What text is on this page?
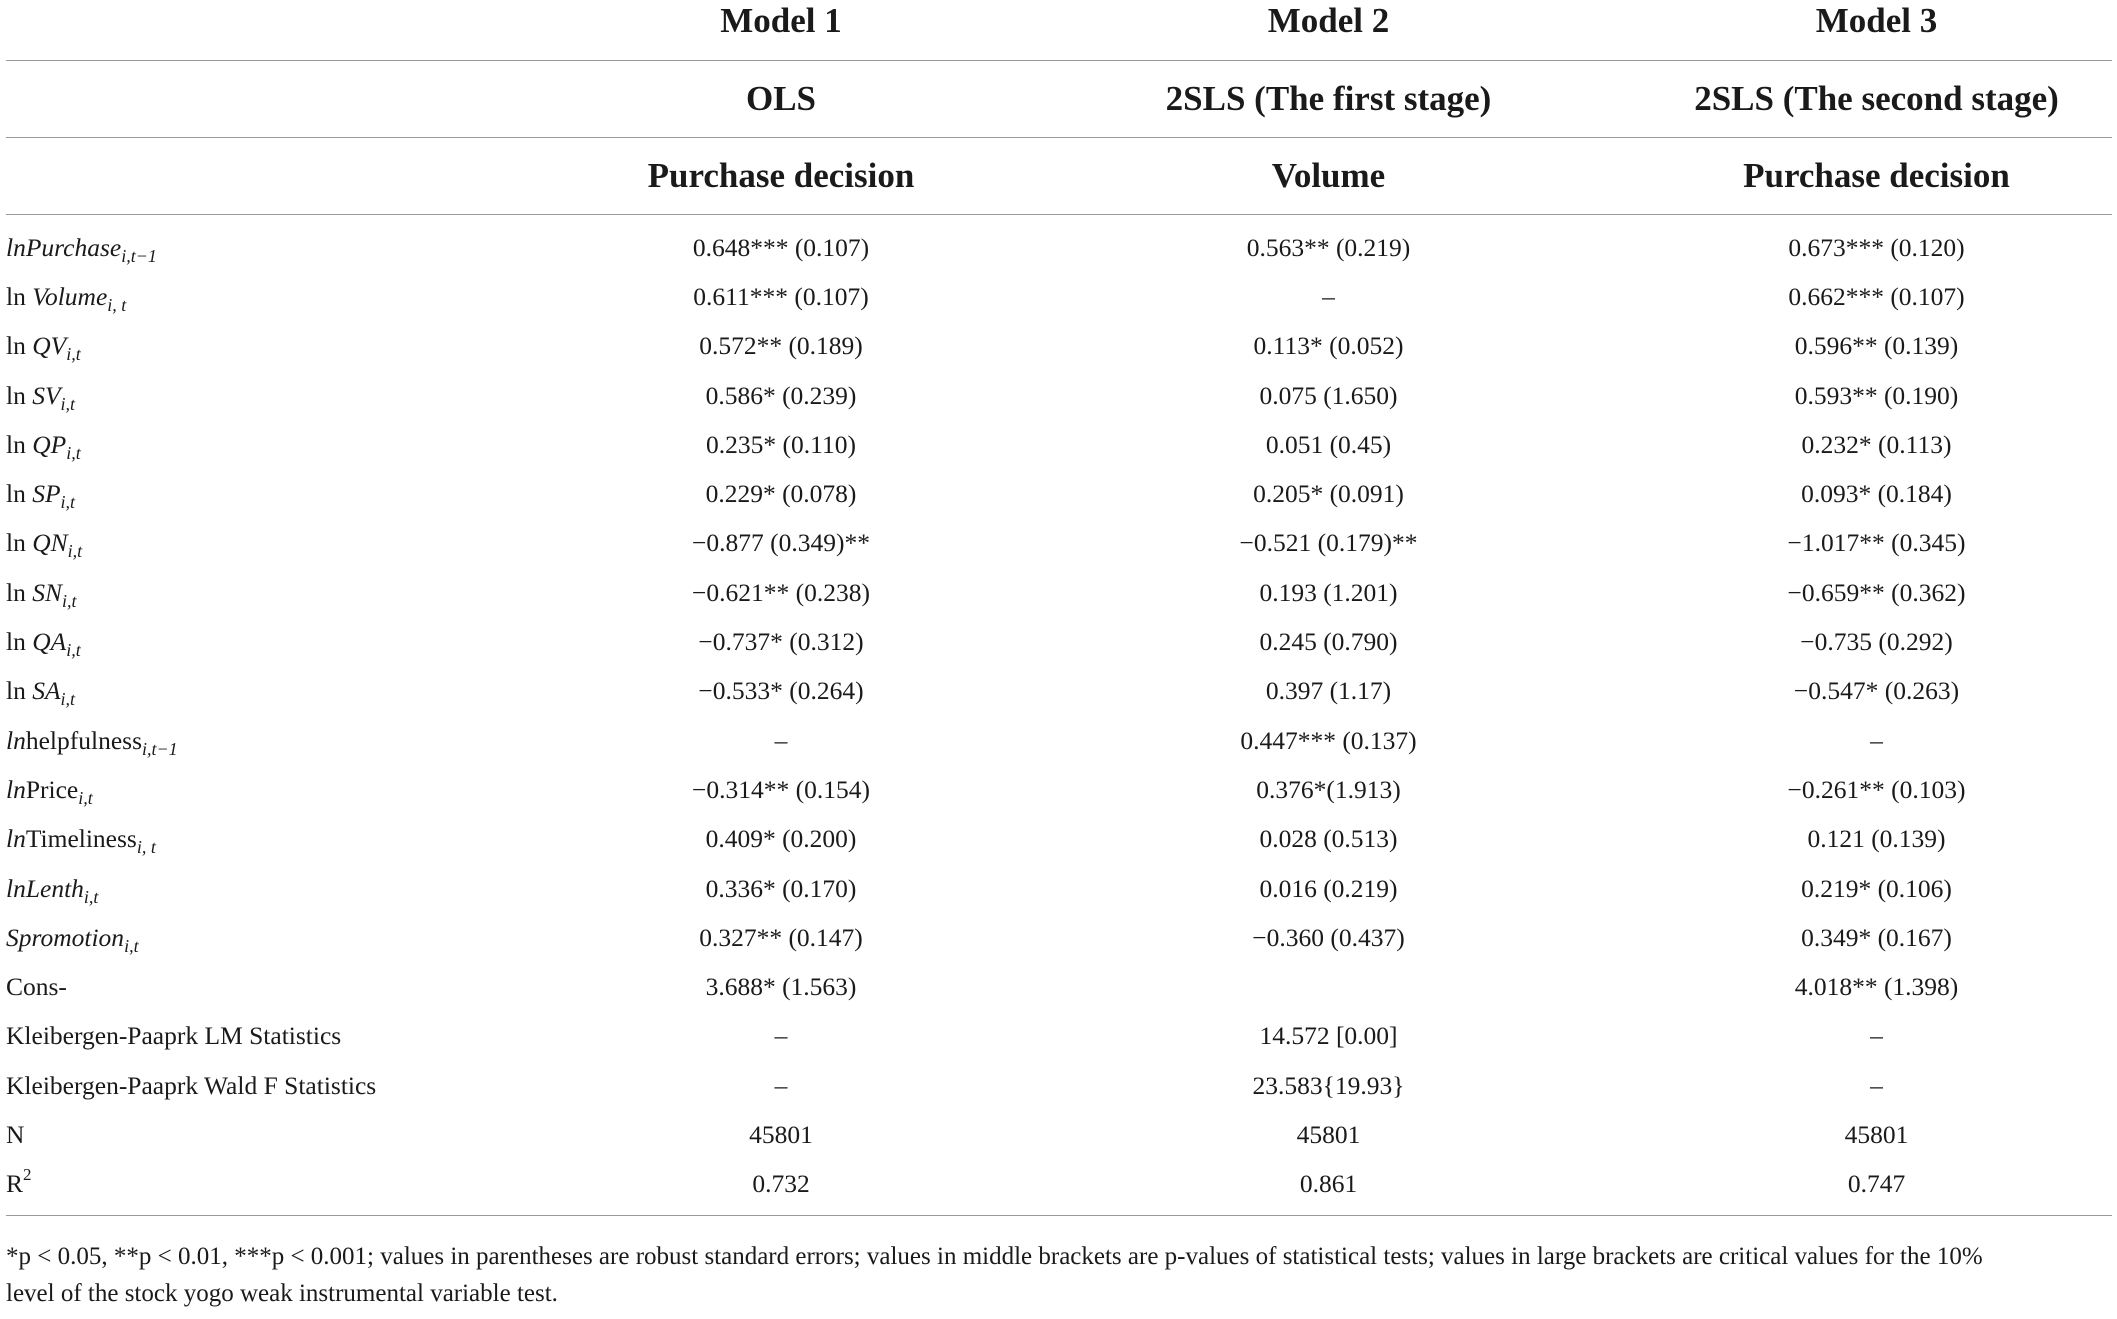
	Model 1	Model 2	Model 3
	OLS	2SLS (The first stage)	2SLS (The second stage)
	Purchase decision	Volume	Purchase decision
lnPurchase$_{i,t-1}$	0.648*** (0.107)	0.563** (0.219)	0.673*** (0.120)
ln Volume$_{i, t}$	0.611*** (0.107)	–	0.662*** (0.107)
$\ln QV_{i,t}$	0.572** (0.189)	0.113* (0.052)	0.596** (0.139)
$\ln SV_{i,t}$	0.586* (0.239)	0.075 (1.650)	0.593** (0.190)
$\ln QP_{i,t}$	0.235* (0.110)	0.051 (0.45)	0.232* (0.113)
$\ln SP_{i,t}$	0.229* (0.078)	0.205* (0.091)	0.093* (0.184)
$\ln QN_{i,t}$	−0.877 (0.349)**	−0.521 (0.179)**	−1.017** (0.345)
$\ln SN_{i,t}$	−0.621** (0.238)	0.193 (1.201)	−0.659** (0.362)
$\ln QA_{i,t}$	−0.737* (0.312)	0.245 (0.790)	−0.735 (0.292)
$\ln SA_{i,t}$	−0.533* (0.264)	0.397 (1.17)	−0.547* (0.263)
lnhelpfulness$_{i,t-1}$	–	0.447*** (0.137)	–
lnPrice$_{i,t}$	−0.314** (0.154)	0.376*(1.913)	−0.261** (0.103)
lnTimeliness$_{i, t}$	0.409* (0.200)	0.028 (0.513)	0.121 (0.139)
lnLenth$_{i,t}$	0.336* (0.170)	0.016 (0.219)	0.219* (0.106)
Spromotion$_{i,t}$	0.327** (0.147)	−0.360 (0.437)	0.349* (0.167)
Cons-	3.688* (1.563)		4.018** (1.398)
Kleibergen-Paaprk LM Statistics	–	14.572 [0.00]	–
Kleibergen-Paaprk Wald F Statistics	–	23.583{19.93}	–
N	45801	45801	45801
$R^2$	0.732	0.861	0.747
*p < 0.05, **p < 0.01, ***p < 0.001; values in parentheses are robust standard errors; values in middle brackets are p-values of statistical tests; values in large brackets are critical values for the 10%
level of the stock yogo weak instrumental variable test.
